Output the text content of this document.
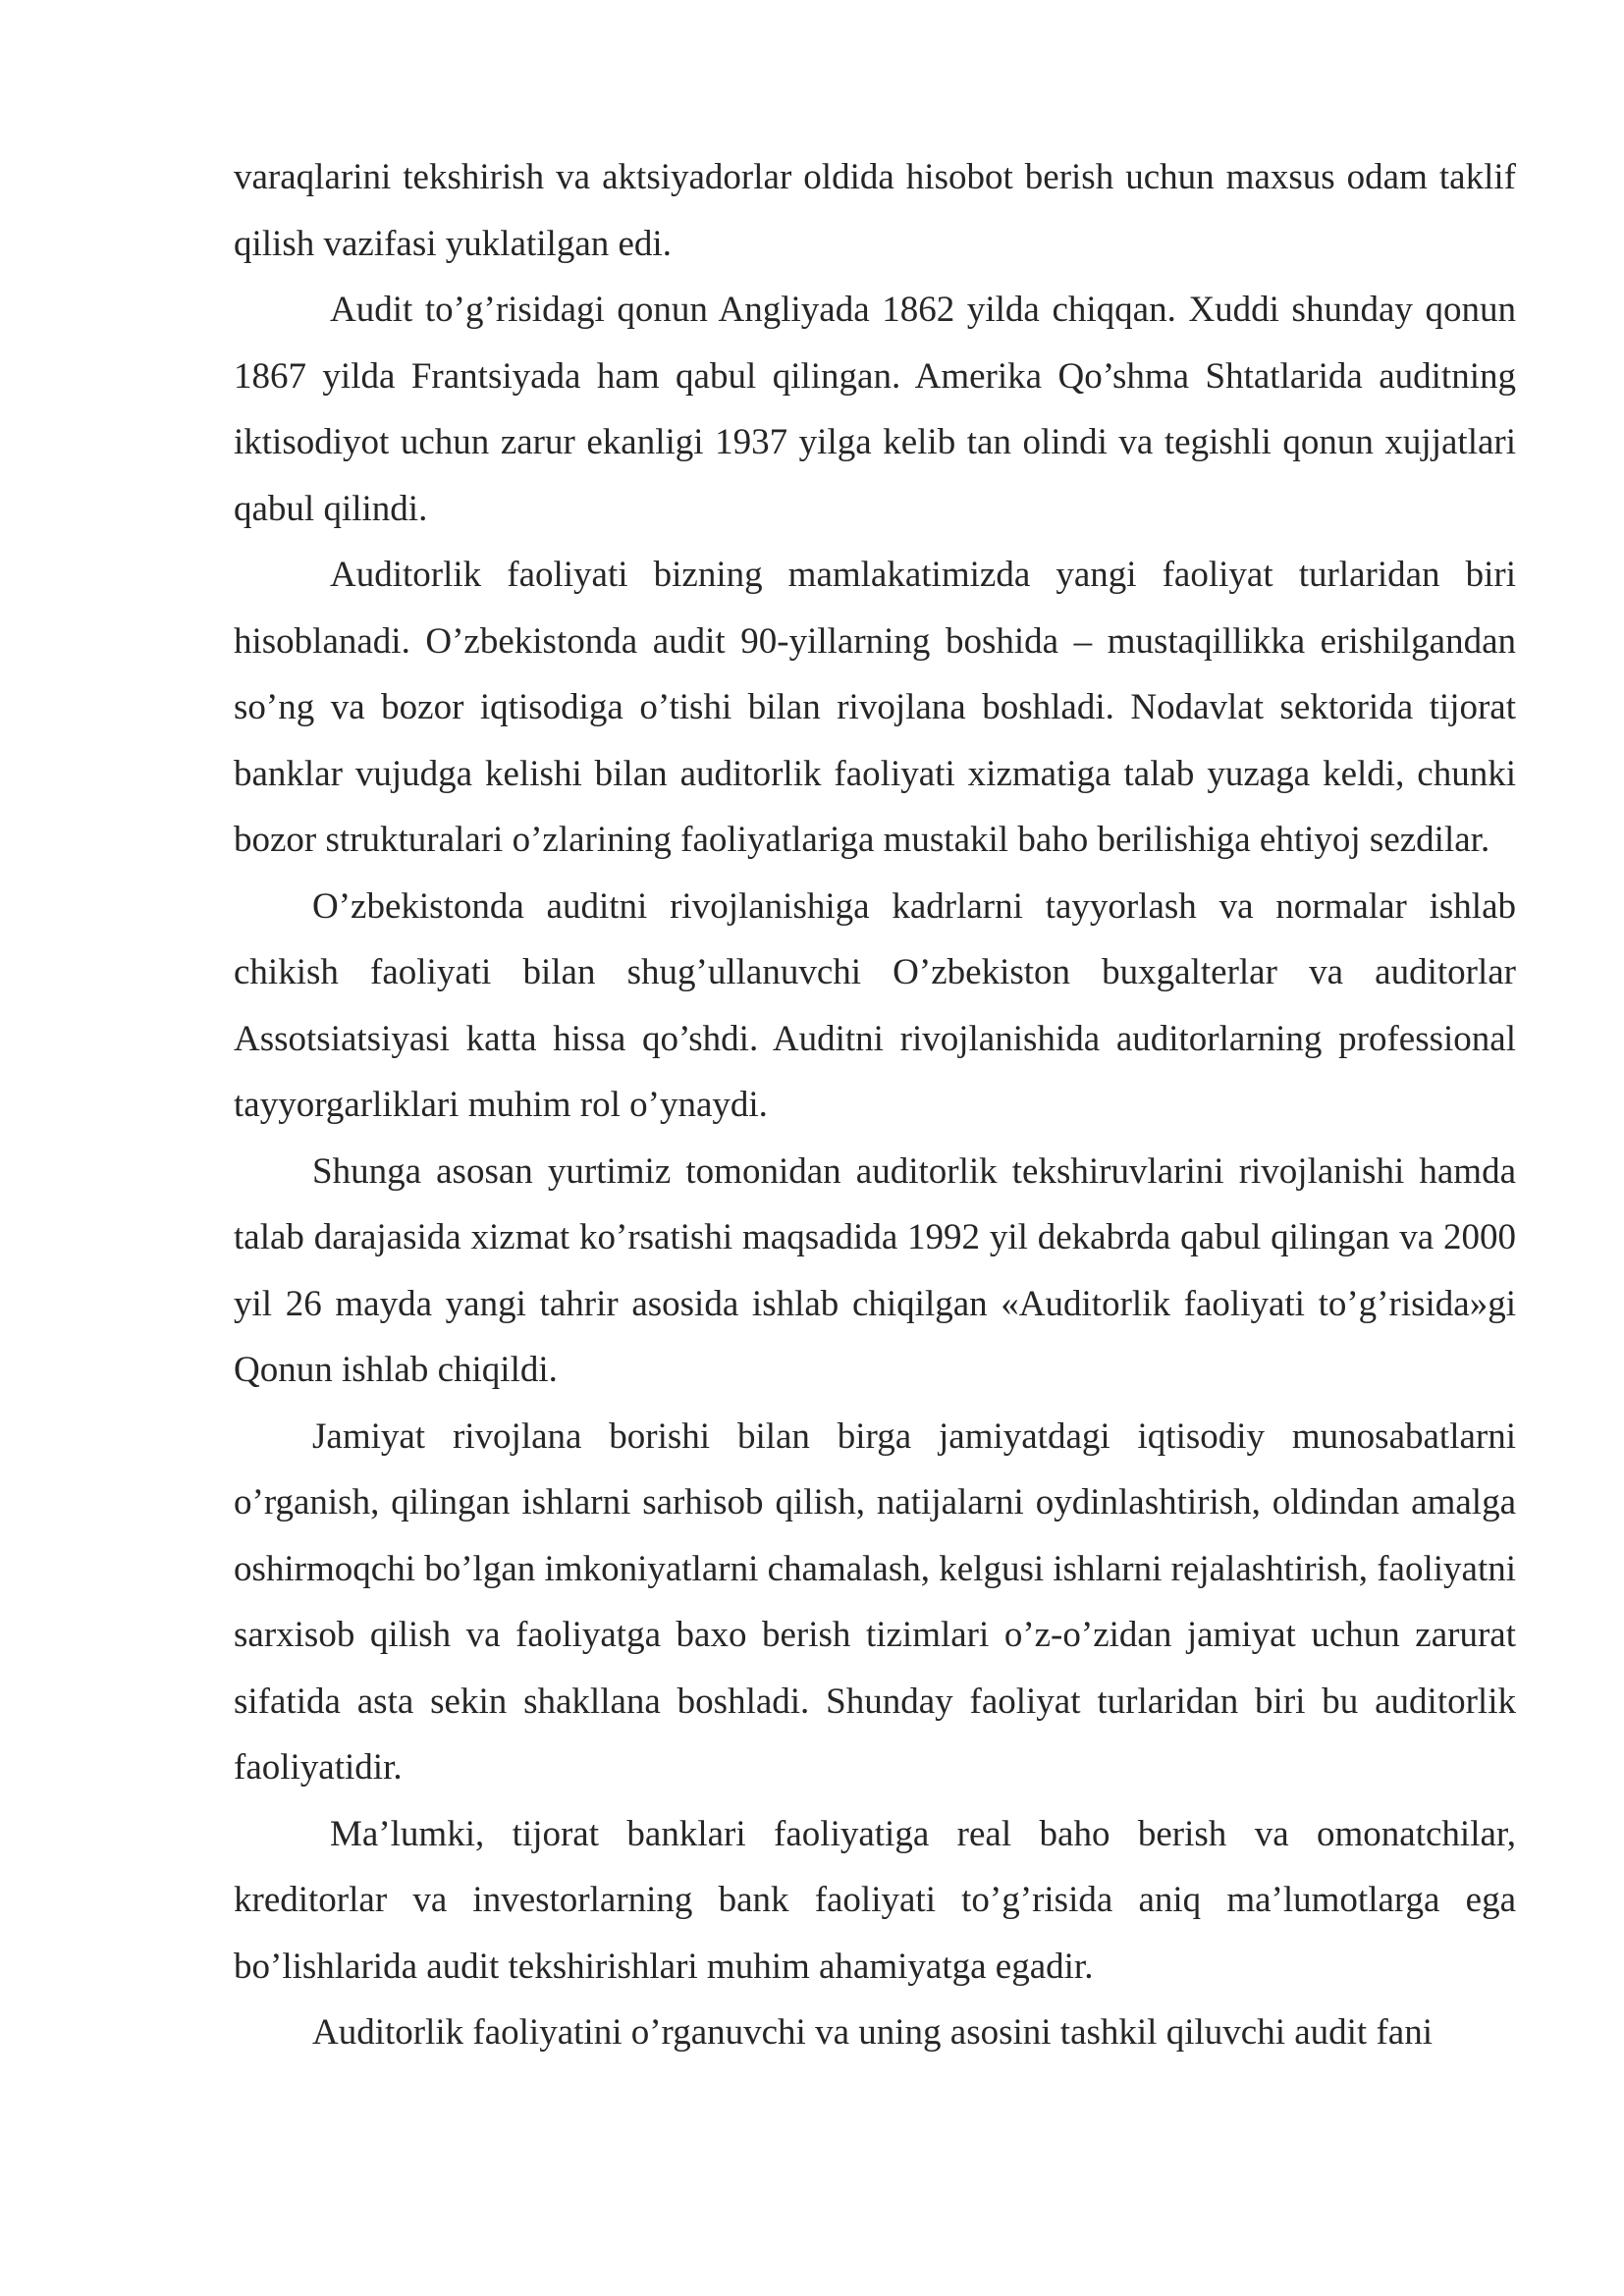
varaqlarini tekshirish va aktsiyadorlar oldida hisobot berish uchun maxsus odam taklif qilish vazifasi yuklatilgan edi.

Audit to’g’risidagi qonun Angliyada 1862 yilda chiqqan. Xuddi shunday qonun 1867 yilda Frantsiyada ham qabul qilingan. Amerika Qo’shma Shtatlarida auditning iktisodiyot uchun zarur ekanligi 1937 yilga kelib tan olindi va tegishli qonun xujjatlari qabul qilindi.

Auditorlik faoliyati bizning mamlakatimizda yangi faoliyat turlaridan biri hisoblanadi. O’zbekistonda audit 90-yillarning boshida – mustaqillikka erishilgandan so’ng va bozor iqtisodiga o’tishi bilan rivojlana boshladi. Nodavlat sektorida tijorat banklar vujudga kelishi bilan auditorlik faoliyati xizmatiga talab yuzaga keldi, chunki bozor strukturalari o’zlarining faoliyatlariga mustakil baho berilishiga ehtiyoj sezdilar.

O’zbekistonda auditni rivojlanishiga kadrlarni tayyorlash va normalar ishlab chikish faoliyati bilan shug’ullanuvchi O’zbekiston buxgalterlar va auditorlar Assotsiatsiyasi katta hissa qo’shdi. Auditni rivojlanishida auditorlarning professional tayyorgarliklari muhim rol o’ynaydi.

Shunga asosan yurtimiz tomonidan auditorlik tekshiruvlarini rivojlanishi hamda talab darajasida xizmat ko’rsatishi maqsadida 1992 yil dekabrda qabul qilingan va 2000 yil 26 mayda yangi tahrir asosida ishlab chiqilgan «Auditorlik faoliyati to’g’risida»gi Qonun ishlab chiqildi.

Jamiyat rivojlana borishi bilan birga jamiyatdagi iqtisodiy munosabatlarni o’rganish, qilingan ishlarni sarhisob qilish, natijalarni oydinlashtirish, oldindan amalga oshirmoqchi bo’lgan imkoniyatlarni chamalash, kelgusi ishlarni rejalashtirish, faoliyatni sarxisob qilish va faoliyatga baxo berish tizimlari o’z-o’zidan jamiyat uchun zarurat sifatida asta sekin shakllana boshladi. Shunday faoliyat turlaridan biri bu auditorlik faoliyatidir.

Ma’lumki, tijorat banklari faoliyatiga real baho berish va omonatchilar, kreditorlar va investorlarning bank faoliyati to’g’risida aniq ma’lumotlarga ega bo’lishlarida audit tekshirishlari muhim ahamiyatga egadir.

Auditorlik faoliyatini o’rganuvchi va uning asosini tashkil qiluvchi audit fani
